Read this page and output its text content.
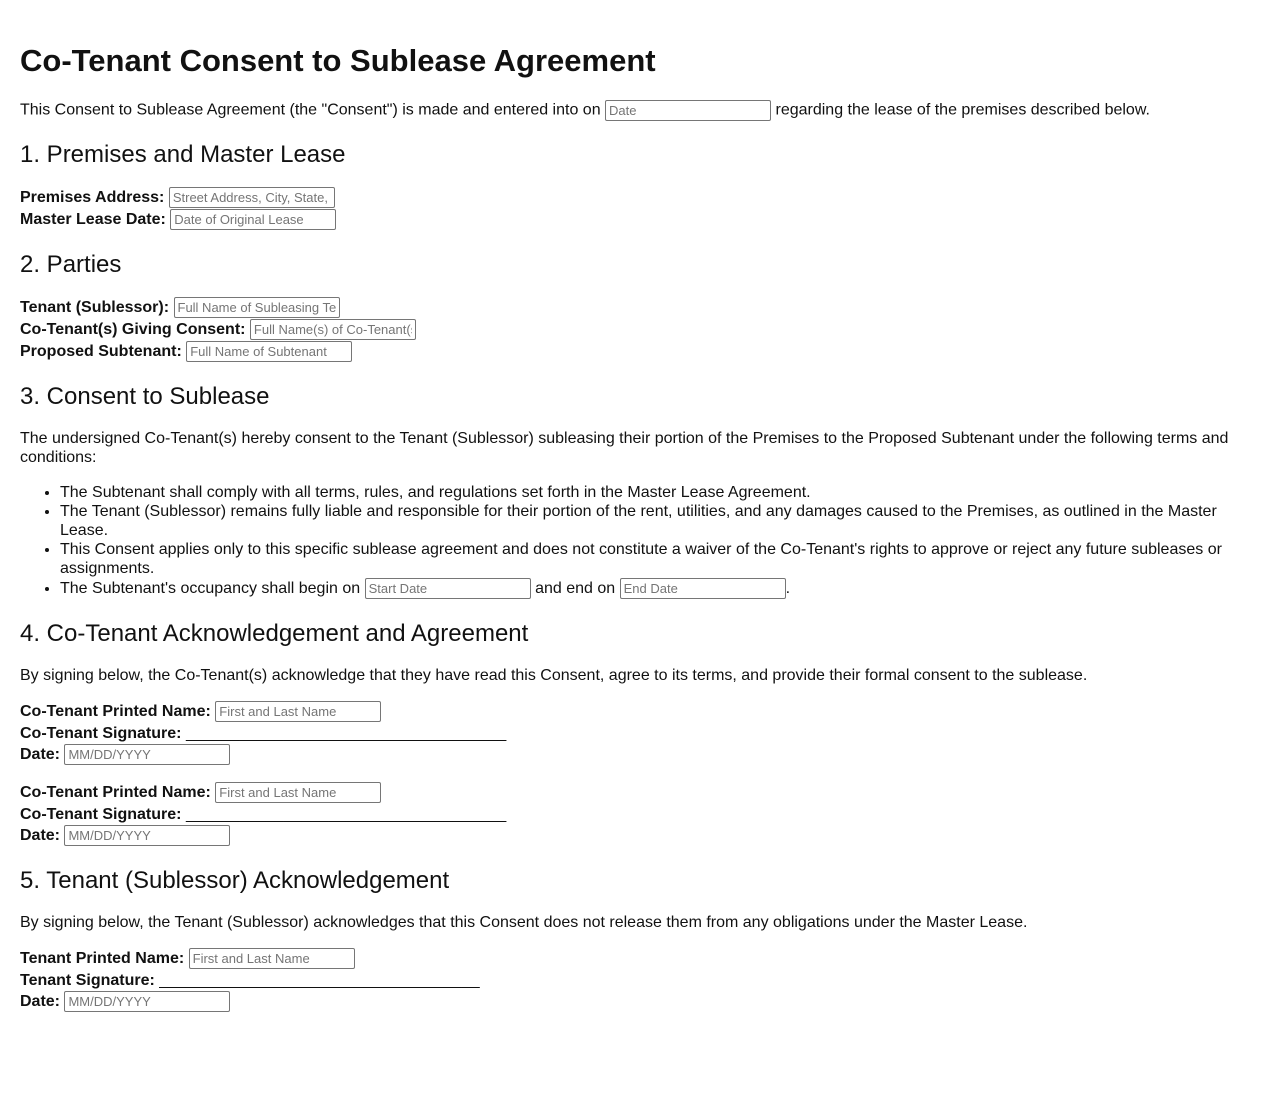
Co-Tenant Consent to Sublease Agreement

This Consent to Sublease Agreement (the "Consent") is made and entered into on Date	regarding the lease of the premises described below.

1. Premises and Master Lease
Premises Address: Street Address, City, State, ZIP
Master Lease Date: Date of Original Lease
2. Parties
Tenant (Sublessor): Full Name of Subleasing Tenant
Co-Tenant(s) Giving Consent: Full Name(s) of Co-Tenant(s)
Proposed Subtenant: Full Name of Subtenant
3. Consent to Sublease

The undersigned Co-Tenant(s) hereby consent to the Tenant (Sublessor) subleasing their portion of the Premises to the Proposed Subtenant under the following terms and conditions:

• The Subtenant shall comply with all terms, rules, and regulations set forth in the Master Lease Agreement.
• The Tenant (Sublessor) remains fully liable and responsible for their portion of the rent, utilities, and any damages caused to the Premises, as outlined in the Master Lease.
• This Consent applies only to this specific sublease agreement and does not constitute a waiver of the Co-Tenant's rights to approve or reject any future subleases or assignments.
• The Subtenant's occupancy shall begin on Start Date	and end on End Date	.
4. Co-Tenant Acknowledgement and Agreement

By signing below, the Co-Tenant(s) acknowledge that they have read this Consent, agree to its terms, and provide their formal consent to the sublease.

Co-Tenant Printed Name: First and Last Name
Co-Tenant Signature: ____________________________________
Date: MM/DD/YYYY
Co-Tenant Printed Name: First and Last Name
Co-Tenant Signature: ____________________________________
Date: MM/DD/YYYY
5. Tenant (Sublessor) Acknowledgement

By signing below, the Tenant (Sublessor) acknowledges that this Consent does not release them from any obligations under the Master Lease.

Tenant Printed Name: First and Last Name
Tenant Signature: ____________________________________
Date: MM/DD/YYYY
